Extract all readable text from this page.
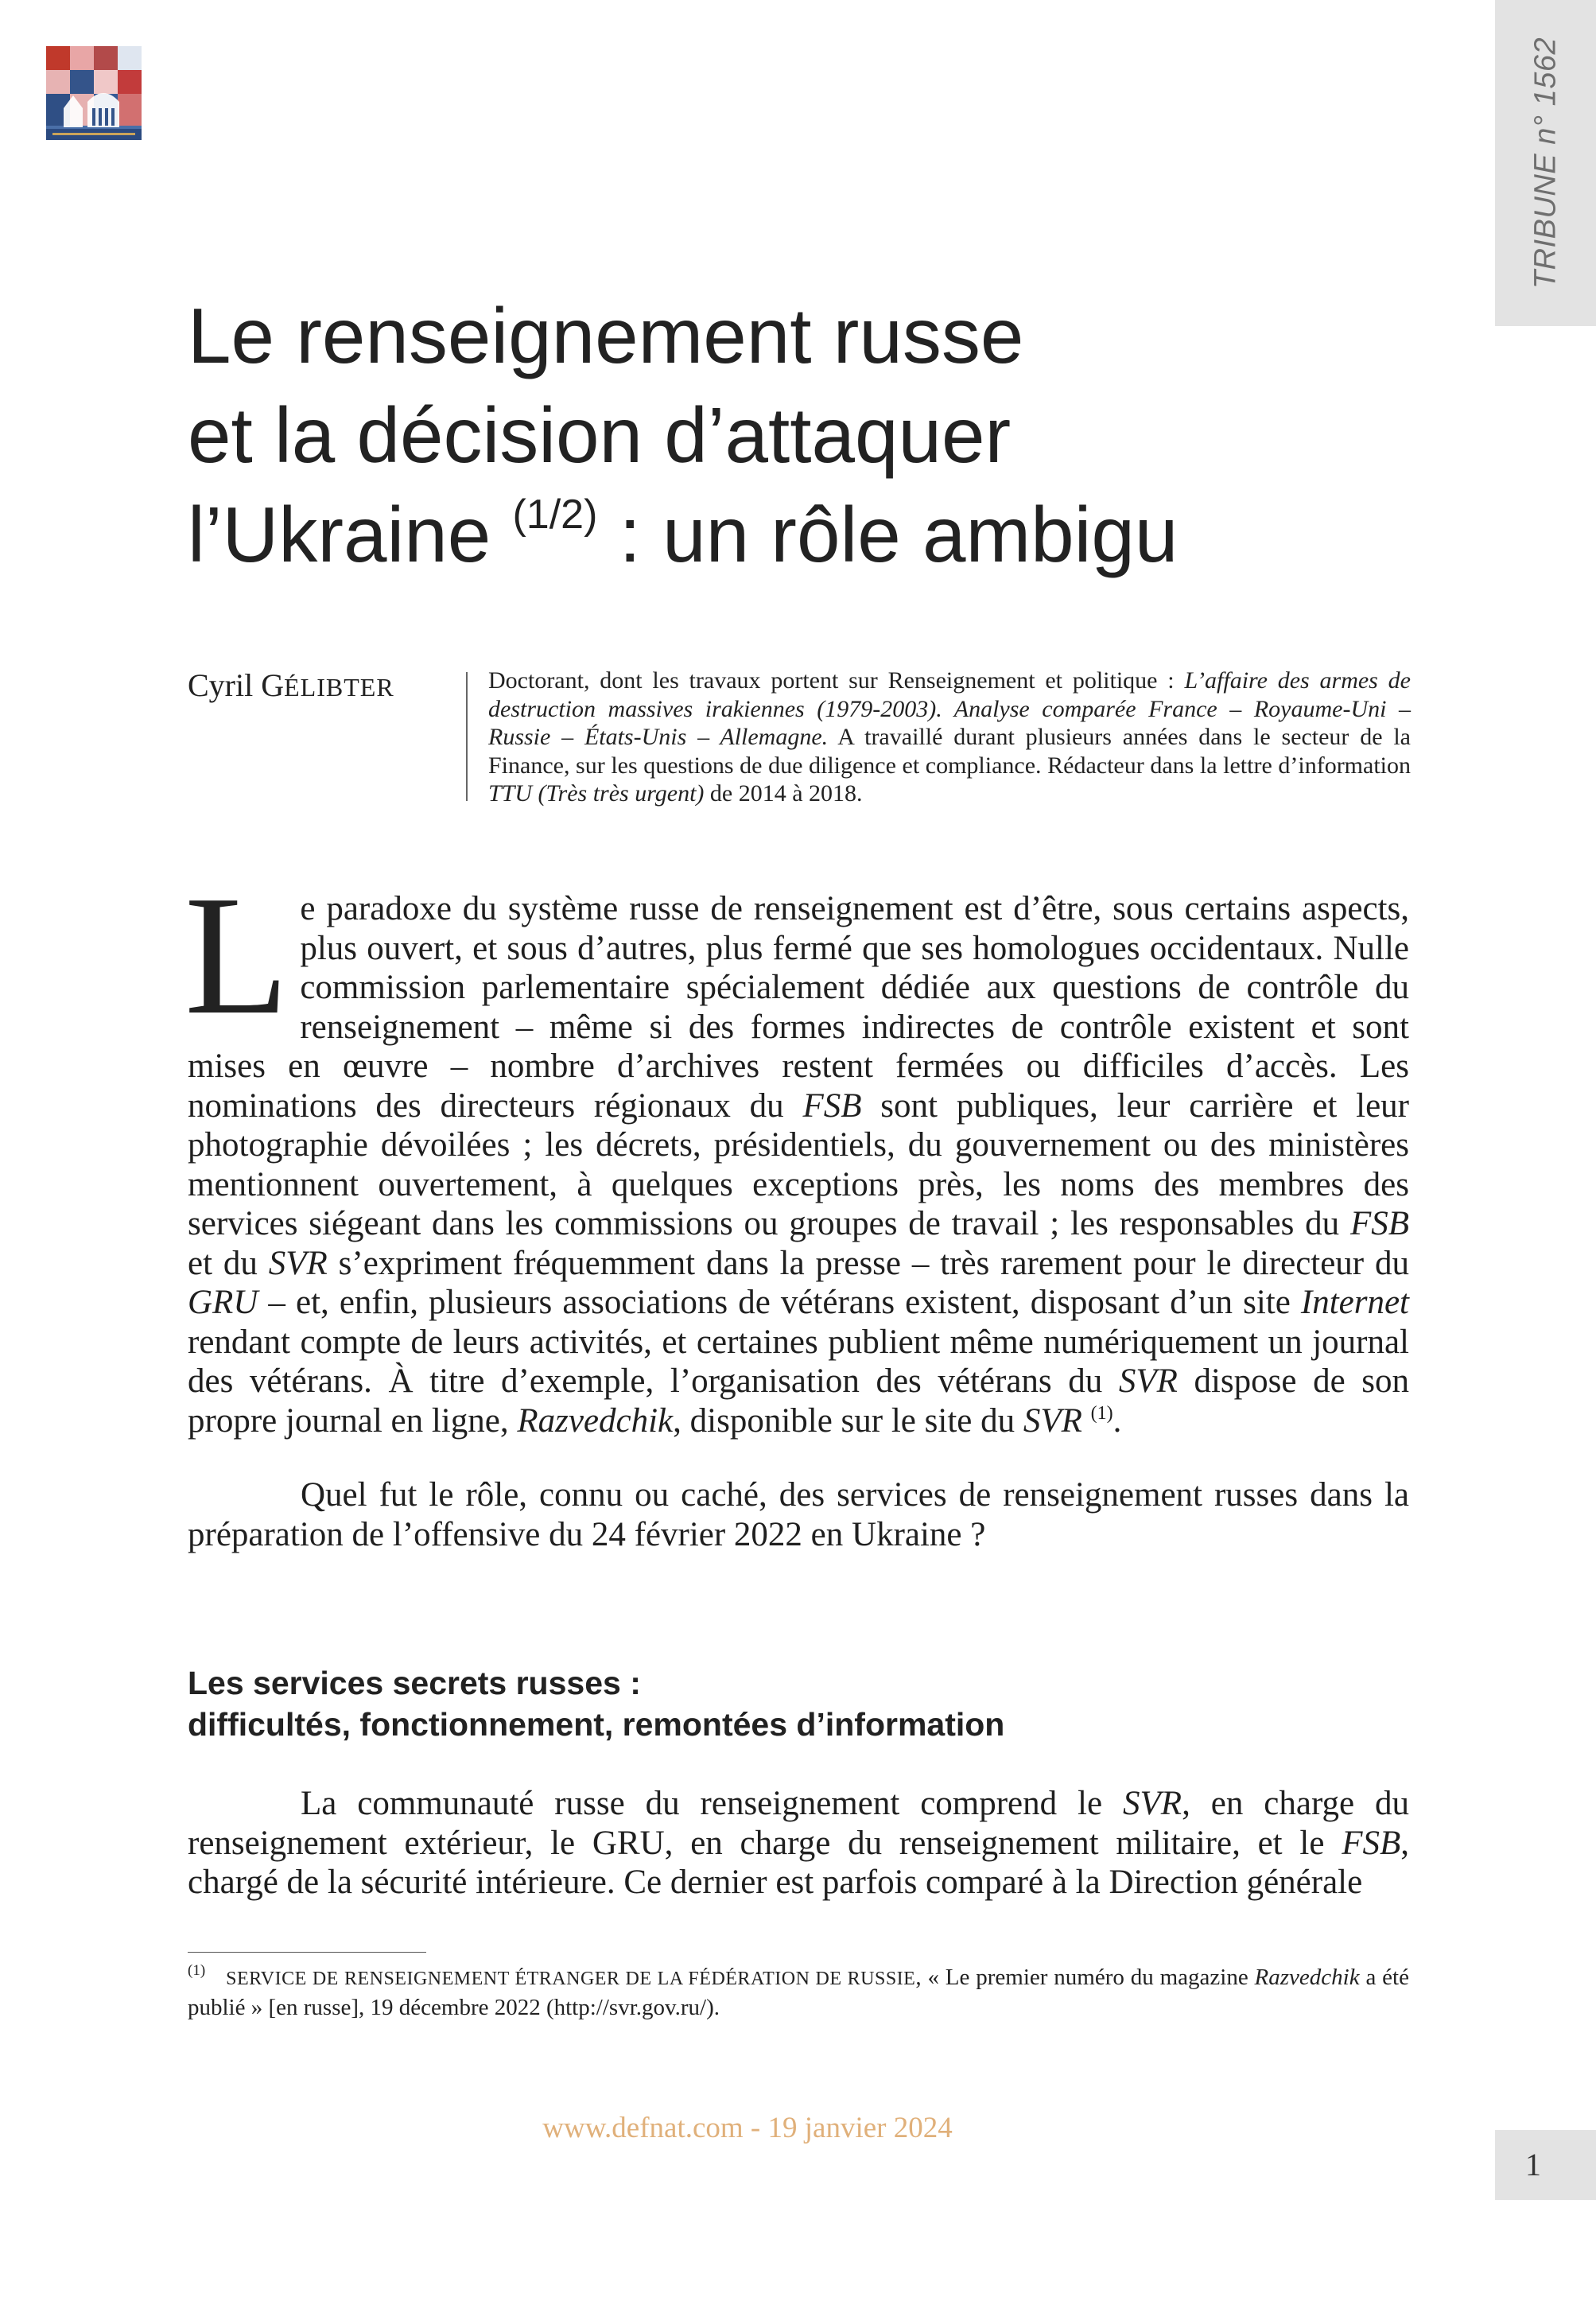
TRIBUNE n° 1562
Le renseignement russe
et la décision d’attaquer
l’Ukraine $^{(1/2)}$ : un rôle ambigu
Cyril GÉLIBTER	Doctorant, dont les travaux portent sur Renseignement et politique : L’affaire des armes de destruction massives irakiennes (1979-2003). Analyse comparée France – Royaume-Uni – Russie – États-Unis – Allemagne. A travaillé durant plusieurs années dans le secteur de la Finance, sur les questions de due diligence et compliance. Rédacteur dans la lettre d’information TTU (Très très urgent) de 2014 à 2018.

Le paradoxe du système russe de renseignement est d’être, sous certains aspects, plus ouvert, et sous d’autres, plus fermé que ses homologues occidentaux. Nulle commission parlementaire spécialement dédiée aux questions de contrôle du renseignement – même si des formes indirectes de contrôle existent et sont mises en œuvre – nombre d’archives restent fermées ou difficiles d’accès. Les nominations des directeurs régionaux du FSB sont publiques, leur carrière et leur photographie dévoilées ; les décrets, présidentiels, du gouvernement ou des ministères mentionnent ouvertement, à quelques exceptions près, les noms des membres des services siégeant dans les commissions ou groupes de travail ; les responsables du FSB et du SVR s’expriment fréquemment dans la presse – très rarement pour le directeur du GRU – et, enfin, plusieurs associations de vétérans existent, disposant d’un site Internet rendant compte de leurs activités, et certaines publient même numériquement un journal des vétérans. À titre d’exemple, l’organisation des vétérans du SVR dispose de son propre journal en ligne, Razvedchik, disponible sur le site du SVR $^{(1)}$.

Quel fut le rôle, connu ou caché, des services de renseignement russes dans la préparation de l’offensive du 24 février 2022 en Ukraine ?

Les services secrets russes :
difficultés, fonctionnement, remontées d’information

La communauté russe du renseignement comprend le SVR, en charge du renseignement extérieur, le GRU, en charge du renseignement militaire, et le FSB, chargé de la sécurité intérieure. Ce dernier est parfois comparé à la Direction générale

$^{(1)}$ SERVICE DE RENSEIGNEMENT ÉTRANGER DE LA FÉDÉRATION DE RUSSIE, « Le premier numéro du magazine Razvedchik a été publié » [en russe], 19 décembre 2022 (http://svr.gov.ru/).
www.defnat.com - 19 janvier 2024
1
